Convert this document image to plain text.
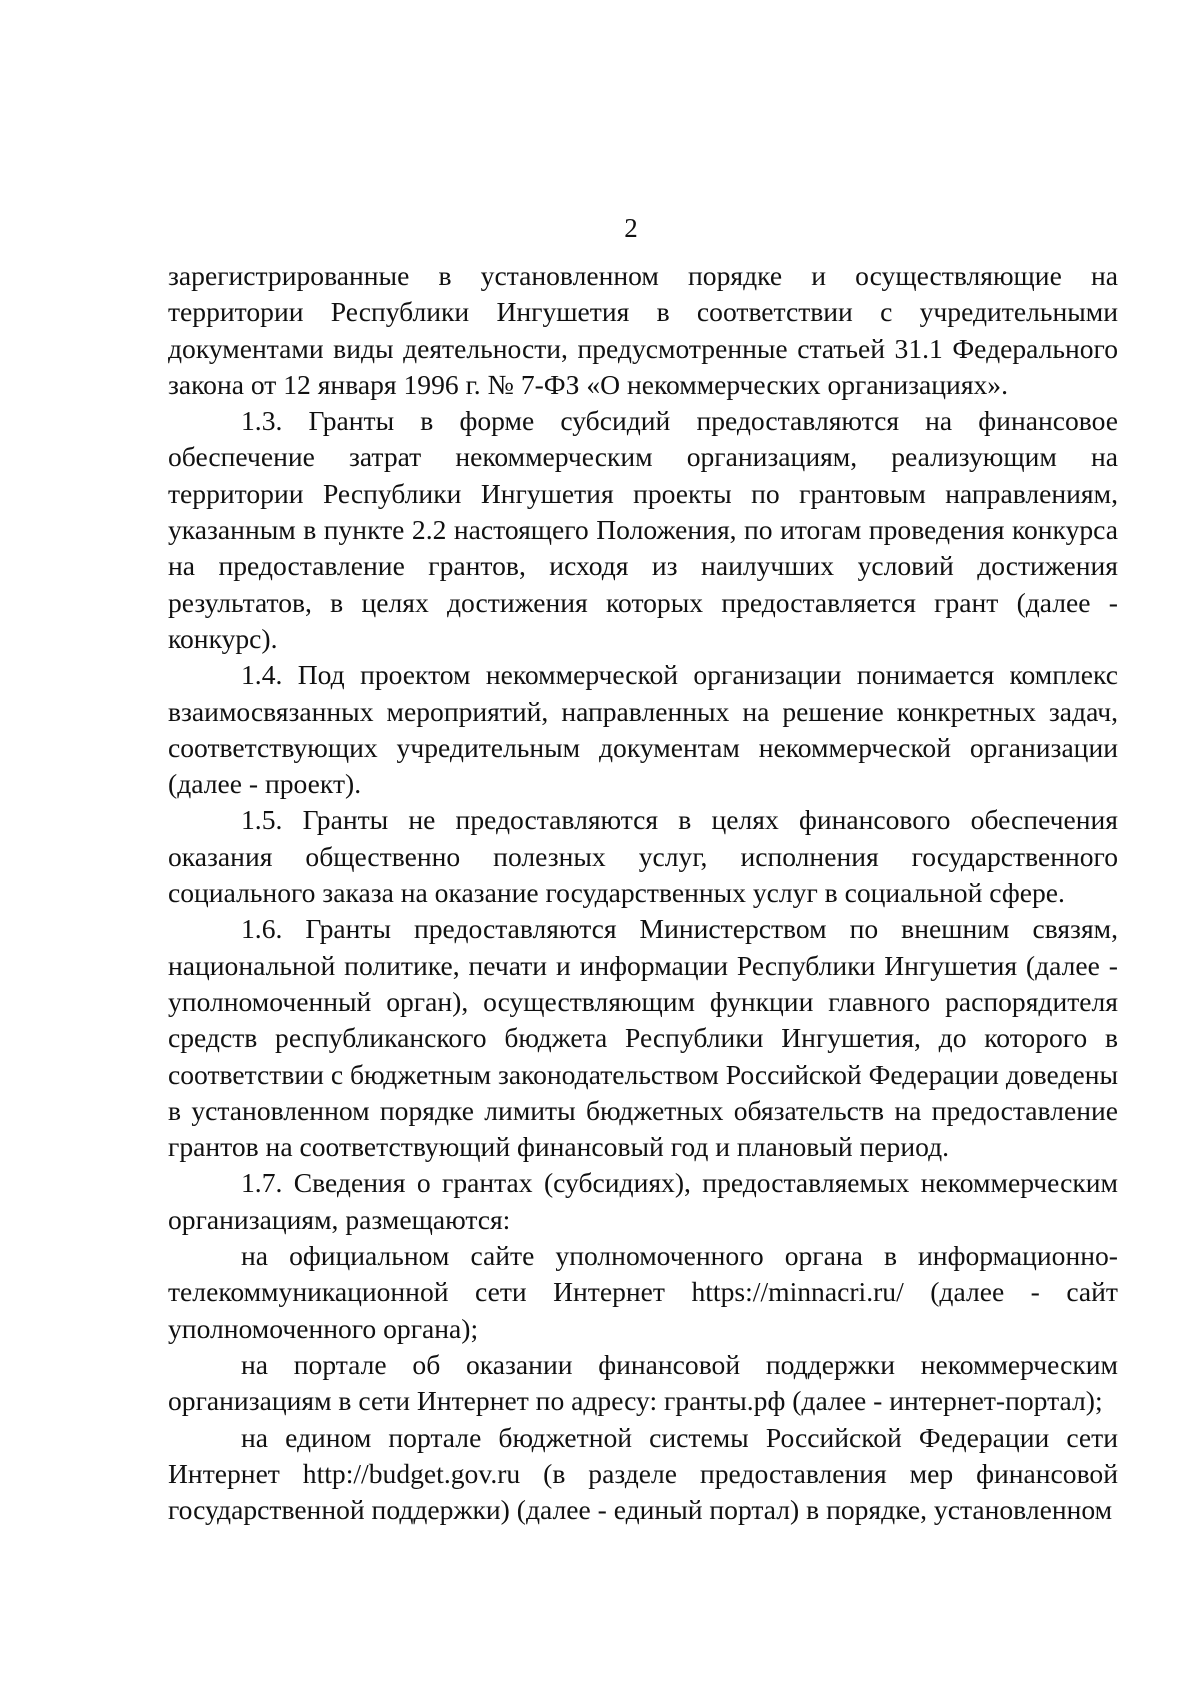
2

зарегистрированные в установленном порядке и осуществляющие на территории Республики Ингушетия в соответствии с учредительными документами виды деятельности, предусмотренные статьей 31.1 Федерального закона от 12 января 1996 г. № 7-ФЗ «О некоммерческих организациях».

1.3. Гранты в форме субсидий предоставляются на финансовое обеспечение затрат некоммерческим организациям, реализующим на территории Республики Ингушетия проекты по грантовым направлениям, указанным в пункте 2.2 настоящего Положения, по итогам проведения конкурса на предоставление грантов, исходя из наилучших условий достижения результатов, в целях достижения которых предоставляется грант (далее - конкурс).

1.4. Под проектом некоммерческой организации понимается комплекс взаимосвязанных мероприятий, направленных на решение конкретных задач, соответствующих учредительным документам некоммерческой организации (далее - проект).

1.5. Гранты не предоставляются в целях финансового обеспечения оказания общественно полезных услуг, исполнения государственного социального заказа на оказание государственных услуг в социальной сфере.

1.6. Гранты предоставляются Министерством по внешним связям, национальной политике, печати и информации Республики Ингушетия (далее - уполномоченный орган), осуществляющим функции главного распорядителя средств республиканского бюджета Республики Ингушетия, до которого в соответствии с бюджетным законодательством Российской Федерации доведены в установленном порядке лимиты бюджетных обязательств на предоставление грантов на соответствующий финансовый год и плановый период.

1.7. Сведения о грантах (субсидиях), предоставляемых некоммерческим организациям, размещаются:

на официальном сайте уполномоченного органа в информационно-телекоммуникационной сети Интернет https://minnacri.ru/ (далее - сайт уполномоченного органа);

на портале об оказании финансовой поддержки некоммерческим организациям в сети Интернет по адресу: гранты.рф (далее - интернет-портал);

на едином портале бюджетной системы Российской Федерации сети Интернет http://budget.gov.ru (в разделе предоставления мер финансовой государственной поддержки) (далее - единый портал) в порядке, установленном
